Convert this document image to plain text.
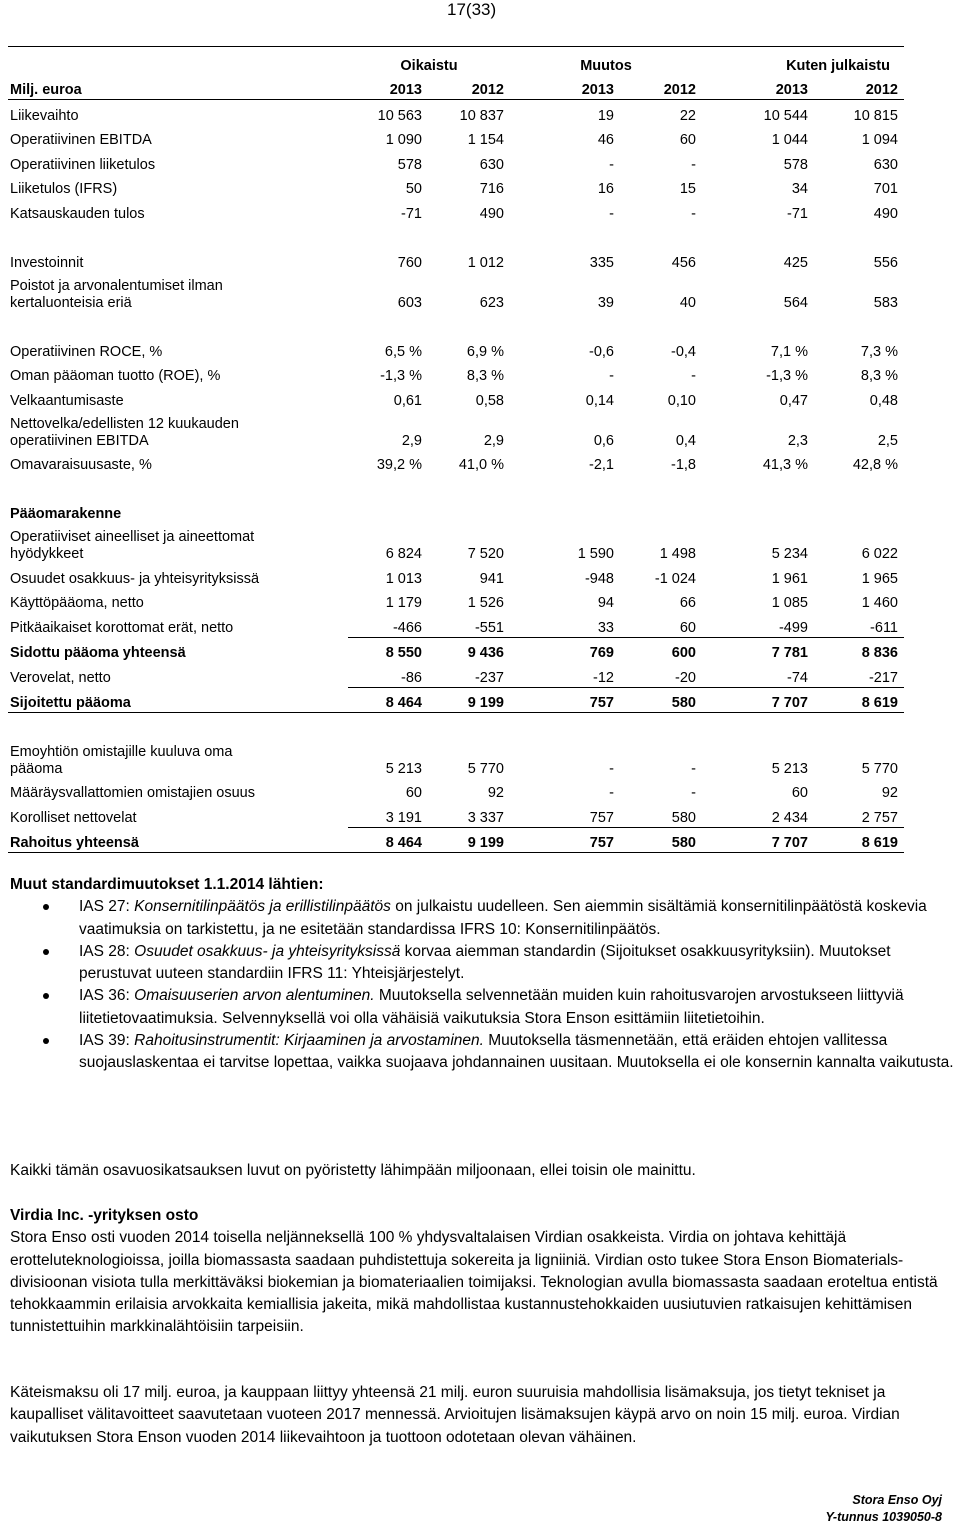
17(33)
	Oikaistu		Muutos		Kuten julkaistu	
Milj. euroa	2013	2012	2013	2012	2013	2012
Liikevaihto	10 563	10 837	19	22	10 544	10 815
Operatiivinen EBITDA	1 090	1 154	46	60	1 044	1 094
Operatiivinen liiketulos	578	630	-	-	578	630
Liiketulos (IFRS)	50	716	16	15	34	701
Katsauskauden tulos	-71	490	-	-	-71	490

Investoinnit	760	1 012	335	456	425	556
Poistot ja arvonalentumiset ilman
kertaluonteisia eriä	603	623	39	40	564	583

Operatiivinen ROCE, %	6,5 %	6,9 %	-0,6	-0,4	7,1 %	7,3 %
Oman pääoman tuotto (ROE), %	-1,3 %	8,3 %	-	-	-1,3 %	8,3 %
Velkaantumisaste	0,61	0,58	0,14	0,10	0,47	0,48
Nettovelka/edellisten 12 kuukauden
operatiivinen EBITDA	2,9	2,9	0,6	0,4	2,3	2,5
Omavaraisuusaste, %	39,2 %	41,0 %	-2,1	-1,8	41,3 %	42,8 %

Pääomarakenne						
Operatiiviset aineelliset ja aineettomat
hyödykkeet	6 824	7 520	1 590	1 498	5 234	6 022
Osuudet osakkuus- ja yhteisyrityksissä	1 013	941	-948	-1 024	1 961	1 965
Käyttöpääoma, netto	1 179	1 526	94	66	1 085	1 460
Pitkäaikaiset korottomat erät, netto	-466	-551	33	60	-499	-611
Sidottu pääoma yhteensä	8 550	9 436	769	600	7 781	8 836
Verovelat, netto	-86	-237	-12	-20	-74	-217
Sijoitettu pääoma	8 464	9 199	757	580	7 707	8 619

Emoyhtiön omistajille kuuluva oma
pääoma	5 213	5 770	-	-	5 213	5 770
Määräysvallattomien omistajien osuus	60	92	-	-	60	92
Korolliset nettovelat	3 191	3 337	757	580	2 434	2 757
Rahoitus yhteensä	8 464	9 199	757	580	7 707	8 619
Muut standardimuutokset 1.1.2014 lähtien:
IAS 27: Konsernitilinpäätös ja erillistilinpäätös on julkaistu uudelleen. Sen aiemmin sisältämiä konsernitilinpäätöstä koskevia vaatimuksia on tarkistettu, ja ne esitetään standardissa IFRS 10: Konsernitilinpäätös.
IAS 28: Osuudet osakkuus- ja yhteisyrityksissä korvaa aiemman standardin (Sijoitukset osakkuusyrityksiin). Muutokset perustuvat uuteen standardiin IFRS 11: Yhteisjärjestelyt.
IAS 36: Omaisuuserien arvon alentuminen. Muutoksella selvennetään muiden kuin rahoitusvarojen arvostukseen liittyviä liitetietovaatimuksia. Selvennyksellä voi olla vähäisiä vaikutuksia Stora Enson esittämiin liitetietoihin.
IAS 39: Rahoitusinstrumentit: Kirjaaminen ja arvostaminen. Muutoksella täsmennetään, että eräiden ehtojen vallitessa suojauslaskentaa ei tarvitse lopettaa, vaikka suojaava johdannainen uusitaan. Muutoksella ei ole konsernin kannalta vaikutusta.

Kaikki tämän osavuosikatsauksen luvut on pyöristetty lähimpään miljoonaan, ellei toisin ole mainittu.

Virdia Inc. -yrityksen osto

Stora Enso osti vuoden 2014 toisella neljänneksellä 100 % yhdysvaltalaisen Virdian osakkeista. Virdia on johtava kehittäjä erotteluteknologioissa, joilla biomassasta saadaan puhdistettuja sokereita ja ligniiniä. Virdian osto tukee Stora Enson Biomaterials-divisioonan visiota tulla merkittäväksi biokemian ja biomateriaalien toimijaksi. Teknologian avulla biomassasta saadaan eroteltua entistä tehokkaammin erilaisia arvokkaita kemiallisia jakeita, mikä mahdollistaa kustannustehokkaiden uusiutuvien ratkaisujen kehittämisen tunnistettuihin markkinalähtöisiin tarpeisiin.

Käteismaksu oli 17 milj. euroa, ja kauppaan liittyy yhteensä 21 milj. euron suuruisia mahdollisia lisämaksuja, jos tietyt tekniset ja kaupalliset välitavoitteet saavutetaan vuoteen 2017 mennessä. Arvioitujen lisämaksujen käypä arvo on noin 15 milj. euroa. Virdian vaikutuksen Stora Enson vuoden 2014 liikevaihtoon ja tuottoon odotetaan olevan vähäinen.

Stora Enso Oyj
Y-tunnus 1039050-8
